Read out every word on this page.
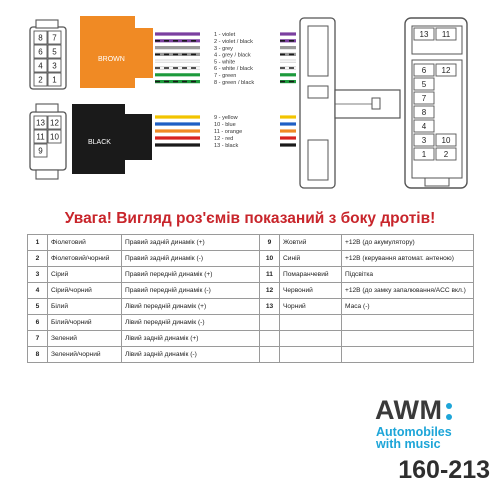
8 7
6 5
4 3
2 1
13 12
11 10
9
BROWN
BLACK
1 - violet
2 - violet / black
3 - grey
4 - grey / black
5 - white
6 - white / black
7 - green
8 - green / black
9 - yellow
10 - blue
11 - orange
12 - red
13 - black
13 11
6 12
5
7
8
4
3 10
1 2
Увага! Вигляд роз'ємів показаний з боку дротів!
1	Фіолетовий	Правий задній динамік (+)	9	Жовтий	+12В (до акумулятору)
2	Фіолетовий/чорний	Правий задній динамік (-)	10	Синій	+12В (керування автомат. антеною)
3	Сірий	Правий передній динамік (+)	11	Помаранчевий	Підсвітка
4	Сірий/чорний	Правий передній динамік (-)	12	Червоний	+12В (до замку запалювання/ACC вкл.)
5	Білий	Лівий передній динамік (+)	13	Чорний	Маса (-)
6	Білий/чорний	Лівий передній динамік (-)			
7	Зелений	Лівий задній динамік (+)			
8	Зелений/чорний	Лівий задній динамік (-)			
AWM
Automobiles
with music
160-213
